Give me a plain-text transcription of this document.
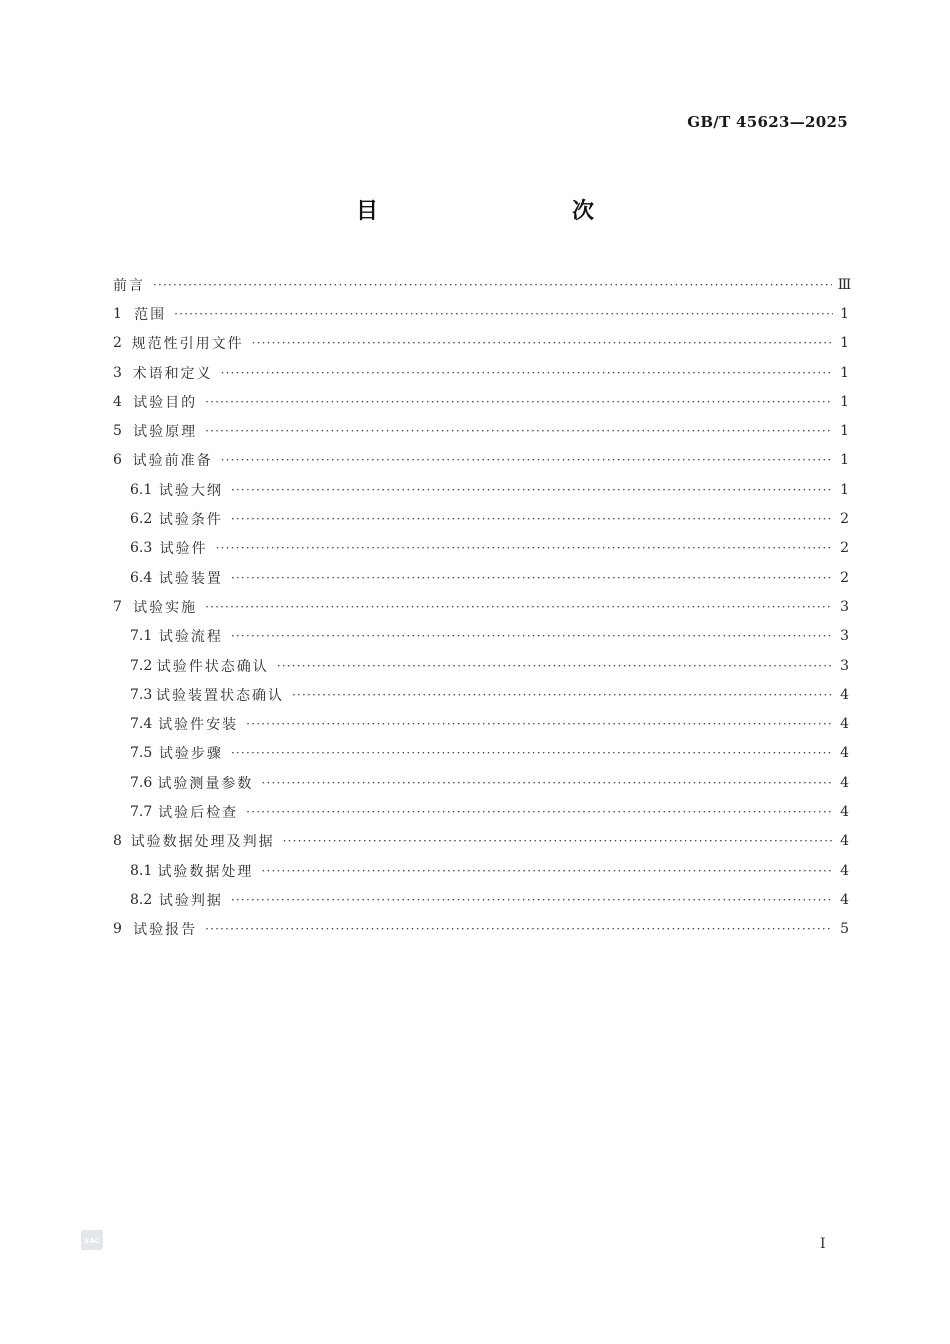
GB/T 45623—2025
目　　次
前言 ·····	Ⅲ
1 范围 ·····	1
2 规范性引用文件 ·····	1
3 术语和定义 ·····	1
4 试验目的 ·····	1
5 试验原理 ·····	1
6 试验前准备 ·····	1
6.1 试验大纲 ·····	1
6.2 试验条件 ·····	2
6.3 试验件 ·····	2
6.4 试验装置 ·····	2
7 试验实施 ·····	3
7.1 试验流程 ·····	3
7.2 试验件状态确认 ·····	3
7.3 试验装置状态确认 ·····	4
7.4 试验件安装 ·····	4
7.5 试验步骤 ·····	4
7.6 试验测量参数 ·····	4
7.7 试验后检查 ·····	4
8 试验数据处理及判据 ·····	4
8.1 试验数据处理 ·····	4
8.2 试验判据 ·····	4
9 试验报告 ·····	5
SAC	I
